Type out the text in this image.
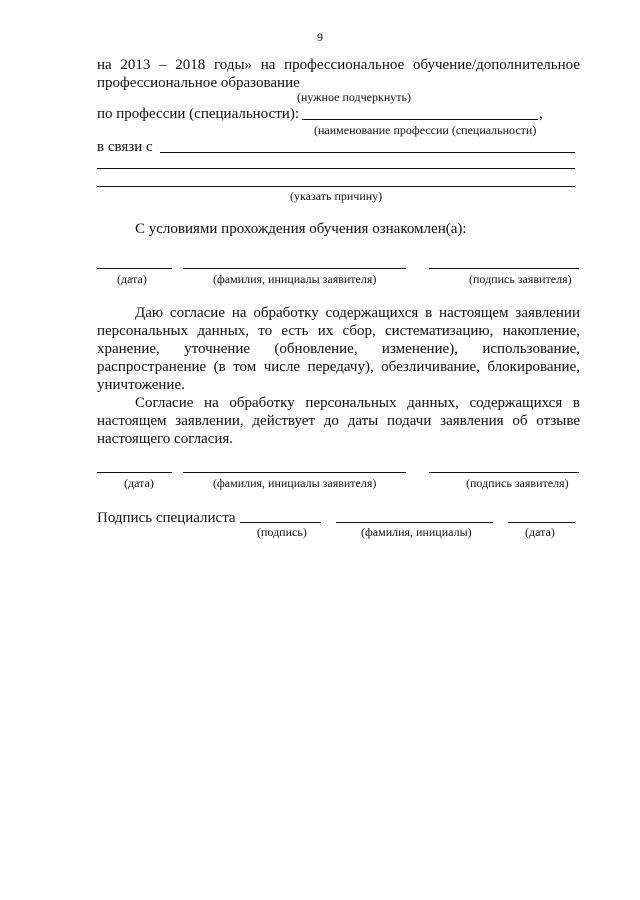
9
на 2013 – 2018 годы» на профессиональное обучение/дополнительное
профессиональное образование
(нужное подчеркнуть)
по профессии (специальности):	,
(наименование профессии (специальности)
в связи с
(указать причину)
С условиями прохождения обучения ознакомлен(а):
(дата)	(фамилия, инициалы заявителя)	(подпись заявителя)
Даю согласие на обработку содержащихся в настоящем заявлении
персональных данных, то есть их сбор, систематизацию, накопление,
хранение, уточнение (обновление, изменение), использование,
распространение (в том числе передачу), обезличивание, блокирование,
уничтожение.
Согласие на обработку персональных данных, содержащихся в
настоящем заявлении, действует до даты подачи заявления об отзыве
настоящего согласия.
(дата)	(фамилия, инициалы заявителя)	(подпись заявителя)
Подпись специалиста
(подпись)	(фамилия, инициалы)	(дата)
